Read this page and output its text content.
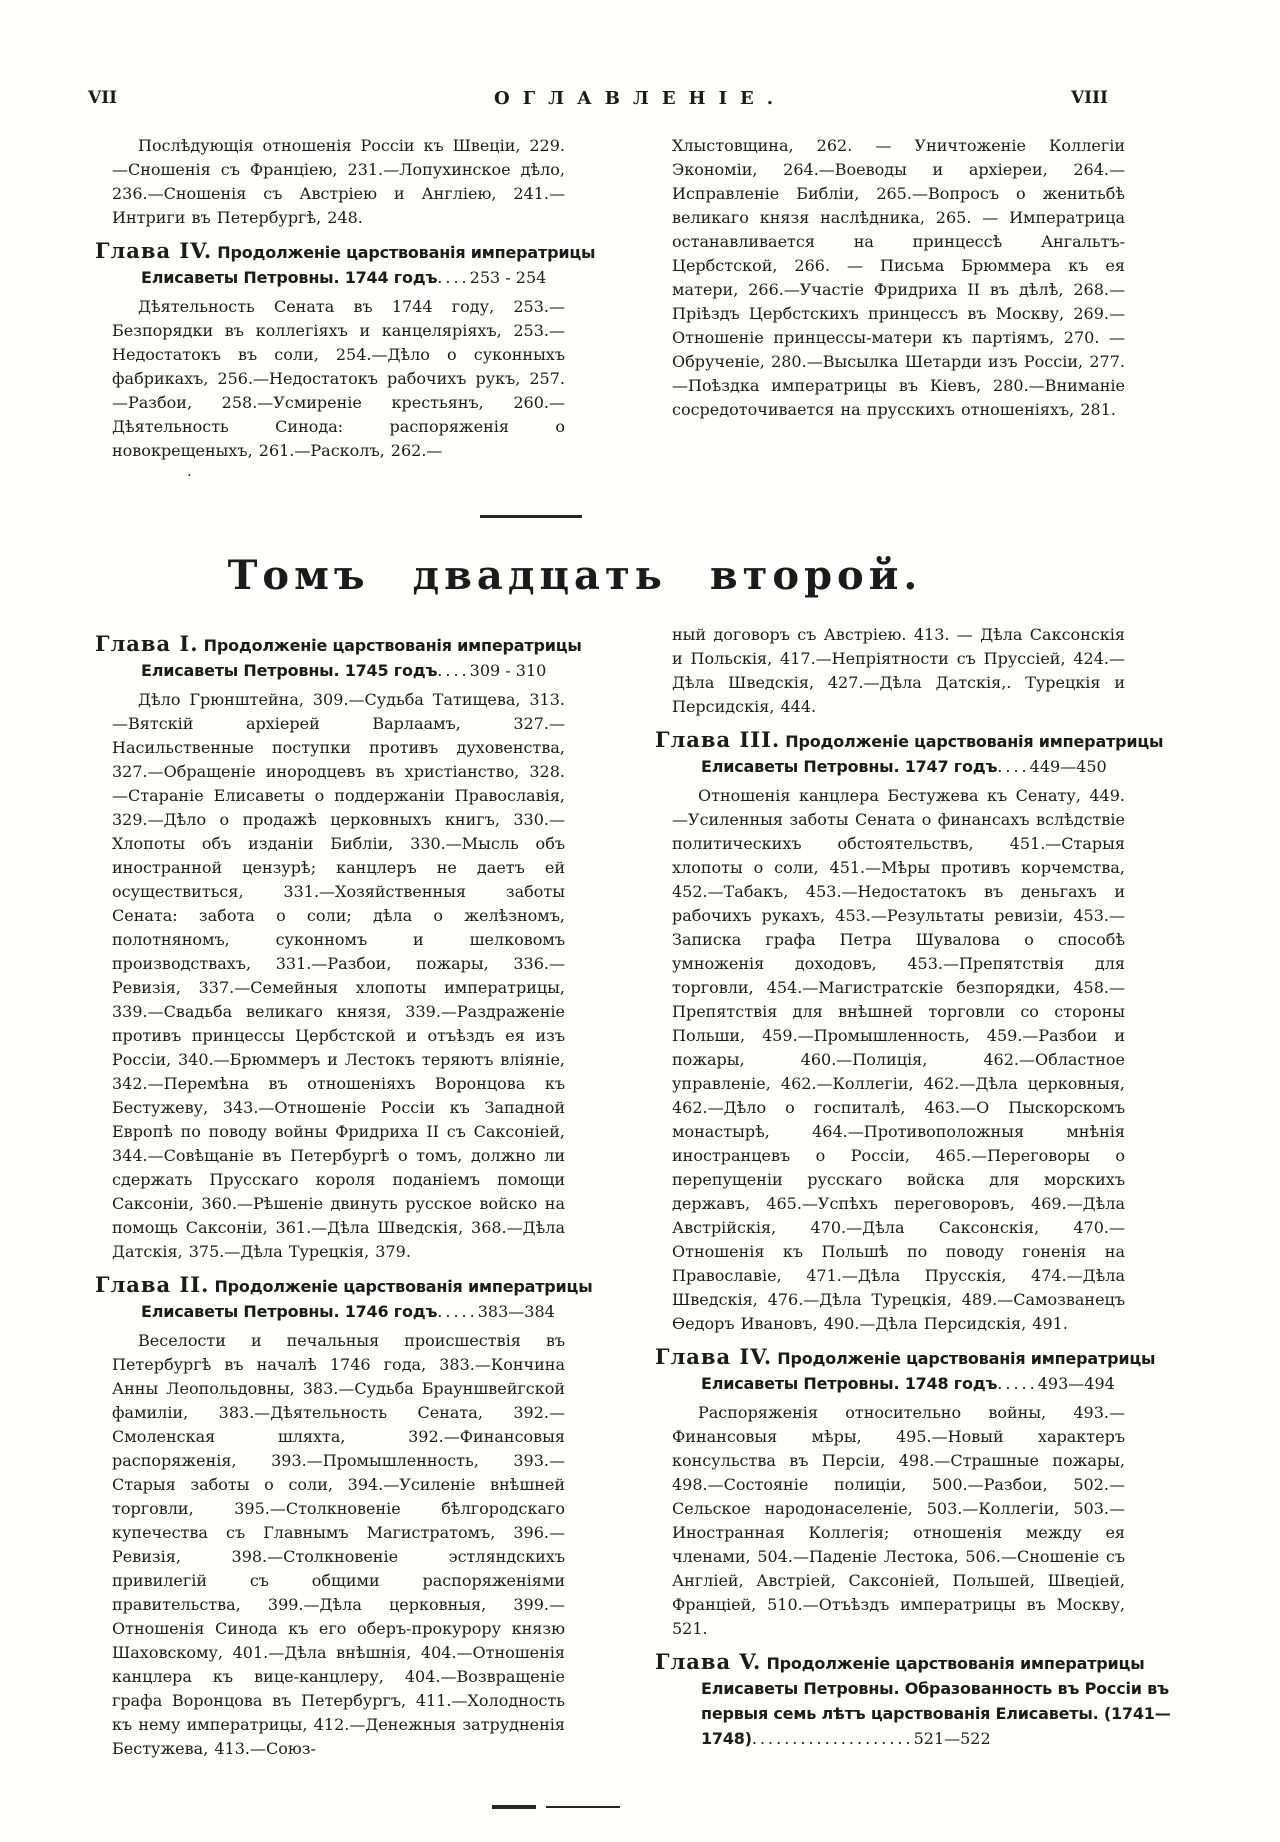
VII	ОГЛАВЛЕНІЕ.	VIII

Послѣдующія отношенія Россіи къ Швеціи, 229.—Сношенія съ Франціею, 231.—Лопухинское дѣло, 236.—Сношенія съ Австріею и Англіею, 241.—Интриги въ Петербургѣ, 248.

Глава IV. Продолженіе царствованія императрицы Елисаветы Петровны. 1744 годъ....253 - 254

Дѣятельность Сената въ 1744 году, 253.—Безпорядки въ коллегіяхъ и канцеляріяхъ, 253.—Недостатокъ въ соли, 254.—Дѣло о суконныхъ фабрикахъ, 256.—Недостатокъ рабочихъ рукъ, 257.—Разбои, 258.—Усмиреніе крестьянъ, 260.—Дѣятельность Синода: распоряженія о новокрещеныхъ, 261.—Расколъ, 262.—

.

Хлыстовщина, 262. — Уничтоженіе Коллегіи Экономіи, 264.—Воеводы и архіереи, 264.—Исправленіе Библіи, 265.—Вопросъ о женитьбѣ великаго князя наслѣдника, 265. — Императрица останавливается на принцессѣ Ангальтъ-Цербстской, 266. — Письма Брюммера къ ея матери, 266.—Участіе Фридриха II въ дѣлѣ, 268.—Пріѣздъ Цербстскихъ принцессъ въ Москву, 269.—Отношеніе принцессы-матери къ партіямъ, 270. — Обрученіе, 280.—Высылка Шетарди изъ Россіи, 277.—Поѣздка императрицы въ Кіевъ, 280.—Вниманіе сосредоточивается на прусскихъ отношеніяхъ, 281.

Томъ двадцать второй.

Глава I. Продолженіе царствованія императрицы Елисаветы Петровны. 1745 годъ....309 - 310

Дѣло Грюнштейна, 309.—Судьба Татищева, 313.—Вятскій архіерей Варлаамъ, 327.—Насильственные поступки противъ духовенства, 327.—Обращеніе инородцевъ въ христіанство, 328.—Стараніе Елисаветы о поддержаніи Православія, 329.—Дѣло о продажѣ церковныхъ книгъ, 330.—Хлопоты объ изданіи Библіи, 330.—Мысль объ иностранной цензурѣ; канцлеръ не даетъ ей осуществиться, 331.—Хозяйственныя заботы Сената: забота о соли; дѣла о желѣзномъ, полотняномъ, суконномъ и шелковомъ производствахъ, 331.—Разбои, пожары, 336.—Ревизія, 337.—Семейныя хлопоты императрицы, 339.—Свадьба великаго князя, 339.—Раздраженіе противъ принцессы Цербстской и отъѣздъ ея изъ Россіи, 340.—Брюммеръ и Лестокъ теряютъ вліяніе, 342.—Перемѣна въ отношеніяхъ Воронцова къ Бестужеву, 343.—Отношеніе Россіи къ Западной Европѣ по поводу войны Фридриха II съ Саксоніей, 344.—Совѣщаніе въ Петербургѣ о томъ, должно ли сдержать Прусскаго короля поданіемъ помощи Саксоніи, 360.—Рѣшеніе двинуть русское войско на помощь Саксоніи, 361.—Дѣла Шведскія, 368.—Дѣла Датскія, 375.—Дѣла Турецкія, 379.

Глава II. Продолженіе царствованія императрицы Елисаветы Петровны. 1746 годъ.....383—384

Веселости и печальныя происшествія въ Петербургѣ въ началѣ 1746 года, 383.—Кончина Анны Леопольдовны, 383.—Судьба Брауншвейгской фамиліи, 383.—Дѣятельность Сената, 392.—Смоленская шляхта, 392.—Финансовыя распоряженія, 393.—Промышленность, 393.—Старыя заботы о соли, 394.—Усиленіе внѣшней торговли, 395.—Столкновеніе бѣлгородскаго купечества съ Главнымъ Магистратомъ, 396.—Ревизія, 398.—Столкновеніе эстляндскихъ привилегій съ общими распоряженіями правительства, 399.—Дѣла церковныя, 399.—Отношенія Синода къ его оберъ-прокурору князю Шаховскому, 401.—Дѣла внѣшнія, 404.—Отношенія канцлера къ вице-канцлеру, 404.—Возвращеніе графа Воронцова въ Петербургъ, 411.—Холодность къ нему императрицы, 412.—Денежныя затрудненія Бестужева, 413.—Союз-

ный договоръ съ Австріею. 413. — Дѣла Саксонскія и Польскія, 417.—Непріятности съ Пруссіей, 424.—Дѣла Шведскія, 427.—Дѣла Датскія,. Турецкія и Персидскія, 444.

Глава III. Продолженіе царствованія императрицы Елисаветы Петровны. 1747 годъ....449—450

Отношенія канцлера Бестужева къ Сенату, 449.—Усиленныя заботы Сената о финансахъ вслѣдствіе политическихъ обстоятельствъ, 451.—Старыя хлопоты о соли, 451.—Мѣры противъ корчемства, 452.—Табакъ, 453.—Недостатокъ въ деньгахъ и рабочихъ рукахъ, 453.—Результаты ревизіи, 453.—Записка графа Петра Шувалова о способѣ умноженія доходовъ, 453.—Препятствія для торговли, 454.—Магистратскіе безпорядки, 458.—Препятствія для внѣшней торговли со стороны Польши, 459.—Промышленность, 459.—Разбои и пожары, 460.—Полиція, 462.—Областное управленіе, 462.—Коллегіи, 462.—Дѣла церковныя, 462.—Дѣло о госпиталѣ, 463.—О Пыскорскомъ монастырѣ, 464.—Противоположныя мнѣнія иностранцевъ о Россіи, 465.—Переговоры о перепущеніи русскаго войска для морскихъ державъ, 465.—Успѣхъ переговоровъ, 469.—Дѣла Австрійскія, 470.—Дѣла Саксонскія, 470.—Отношенія къ Польшѣ по поводу гоненія на Православіе, 471.—Дѣла Прусскія, 474.—Дѣла Шведскія, 476.—Дѣла Турецкія, 489.—Самозванецъ Ѳедоръ Ивановъ, 490.—Дѣла Персидскія, 491.

Глава IV. Продолженіе царствованія императрицы Елисаветы Петровны. 1748 годъ.....493—494

Распоряженія относительно войны, 493.—Финансовыя мѣры, 495.—Новый характеръ консульства въ Персіи, 498.—Страшные пожары, 498.—Состояніе полиціи, 500.—Разбои, 502.—Сельское народонаселеніе, 503.—Коллегіи, 503.—Иностранная Коллегія; отношенія между ея членами, 504.—Паденіе Лестока, 506.—Сношеніе съ Англіей, Австріей, Саксоніей, Польшей, Швеціей, Франціей, 510.—Отъѣздъ императрицы въ Москву, 521.

Глава V. Продолженіе царствованія императрицы Елисаветы Петровны. Образованность въ Россіи въ первыя семь лѣтъ царствованія Елисаветы. (1741—1748)....................521—522
